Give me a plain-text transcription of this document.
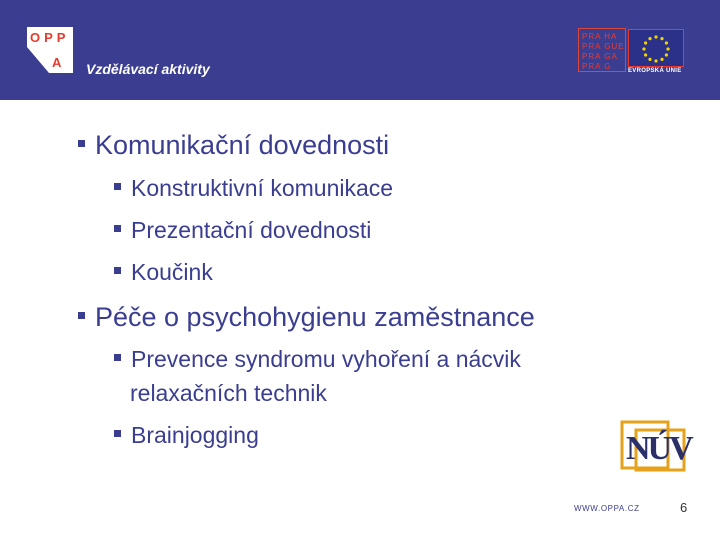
OPP
A Vzdělávací aktivity
PRA HA
PRA GUE
PRA GA
PRA G	EVROPSKÁ UNIE
Komunikační dovednosti
Konstruktivní komunikace
Prezentační dovednosti
Koučink
Péče o psychohygienu zaměstnance
Prevence syndromu vyhoření a nácvik
relaxačních technik
Brainjogging	NÚV
WWW.OPPA.CZ	6
